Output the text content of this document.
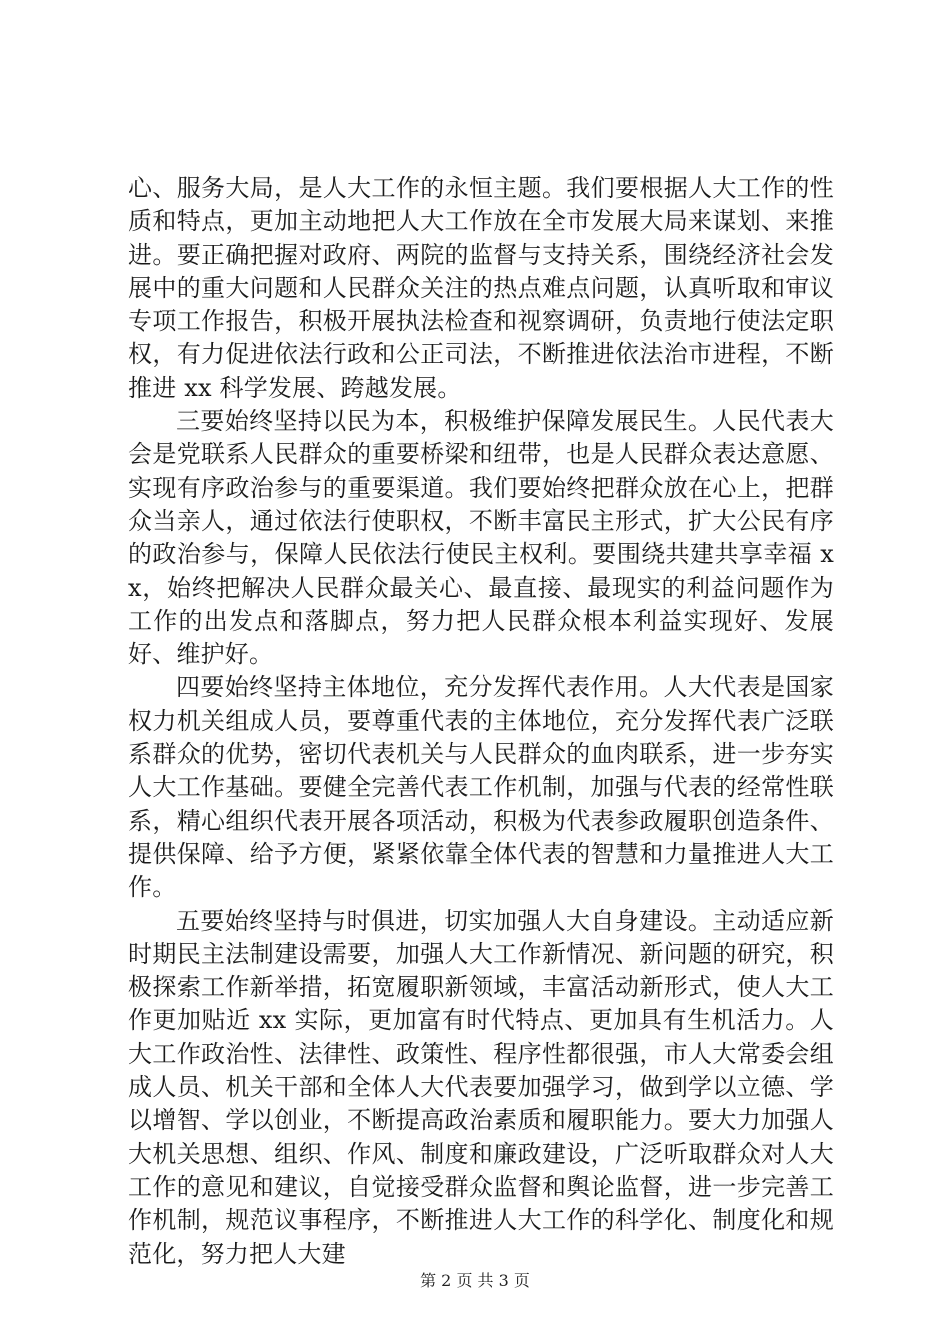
心、服务大局，是人大工作的永恒主题。我们要根据人大工作的性质和特点，更加主动地把人大工作放在全市发展大局来谋划、来推进。要正确把握对政府、两院的监督与支持关系，围绕经济社会发展中的重大问题和人民群众关注的热点难点问题，认真听取和审议专项工作报告，积极开展执法检查和视察调研，负责地行使法定职权，有力促进依法行政和公正司法，不断推进依法治市进程，不断推进 xx 科学发展、跨越发展。

三要始终坚持以民为本，积极维护保障发展民生。人民代表大会是党联系人民群众的重要桥梁和纽带，也是人民群众表达意愿、实现有序政治参与的重要渠道。我们要始终把群众放在心上，把群众当亲人，通过依法行使职权，不断丰富民主形式，扩大公民有序的政治参与，保障人民依法行使民主权利。要围绕共建共享幸福 xx，始终把解决人民群众最关心、最直接、最现实的利益问题作为工作的出发点和落脚点，努力把人民群众根本利益实现好、发展好、维护好。

四要始终坚持主体地位，充分发挥代表作用。人大代表是国家权力机关组成人员，要尊重代表的主体地位，充分发挥代表广泛联系群众的优势，密切代表机关与人民群众的血肉联系，进一步夯实人大工作基础。要健全完善代表工作机制，加强与代表的经常性联系，精心组织代表开展各项活动，积极为代表参政履职创造条件、提供保障、给予方便，紧紧依靠全体代表的智慧和力量推进人大工作。

五要始终坚持与时俱进，切实加强人大自身建设。主动适应新时期民主法制建设需要，加强人大工作新情况、新问题的研究，积极探索工作新举措，拓宽履职新领域，丰富活动新形式，使人大工作更加贴近 xx 实际，更加富有时代特点、更加具有生机活力。人大工作政治性、法律性、政策性、程序性都很强，市人大常委会组成人员、机关干部和全体人大代表要加强学习，做到学以立德、学以增智、学以创业，不断提高政治素质和履职能力。要大力加强人大机关思想、组织、作风、制度和廉政建设，广泛听取群众对人大工作的意见和建议，自觉接受群众监督和舆论监督，进一步完善工作机制，规范议事程序，不断推进人大工作的科学化、制度化和规范化，努力把人大建

第 2 页 共 3 页
